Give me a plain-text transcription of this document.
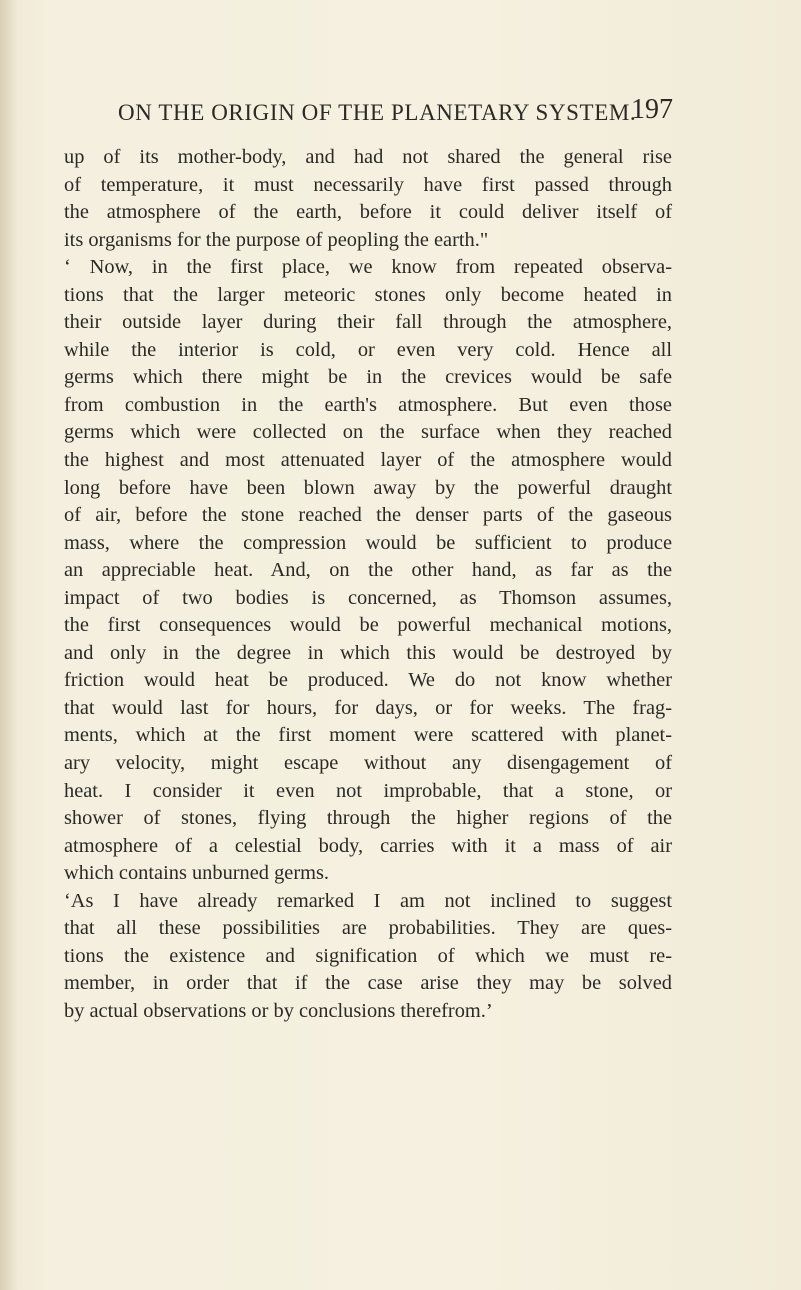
ON THE ORIGIN OF THE PLANETARY SYSTEM.
197
up of its mother-body, and had not shared the general rise
of temperature, it must necessarily have first passed through
the atmosphere of the earth, before it could deliver itself of
its organisms for the purpose of peopling the earth."
‘ Now, in the first place, we know from repeated observa-
tions that the larger meteoric stones only become heated in
their outside layer during their fall through the atmosphere,
while the interior is cold, or even very cold. Hence all
germs which there might be in the crevices would be safe
from combustion in the earth's atmosphere. But even those
germs which were collected on the surface when they reached
the highest and most attenuated layer of the atmosphere would
long before have been blown away by the powerful draught
of air, before the stone reached the denser parts of the gaseous
mass, where the compression would be sufficient to produce
an appreciable heat. And, on the other hand, as far as the
impact of two bodies is concerned, as Thomson assumes,
the first consequences would be powerful mechanical motions,
and only in the degree in which this would be destroyed by
friction would heat be produced. We do not know whether
that would last for hours, for days, or for weeks. The frag-
ments, which at the first moment were scattered with planet-
ary velocity, might escape without any disengagement of
heat. I consider it even not improbable, that a stone, or
shower of stones, flying through the higher regions of the
atmosphere of a celestial body, carries with it a mass of air
which contains unburned germs.
‘As I have already remarked I am not inclined to suggest
that all these possibilities are probabilities. They are ques-
tions the existence and signification of which we must re-
member, in order that if the case arise they may be solved
by actual observations or by conclusions therefrom.’
